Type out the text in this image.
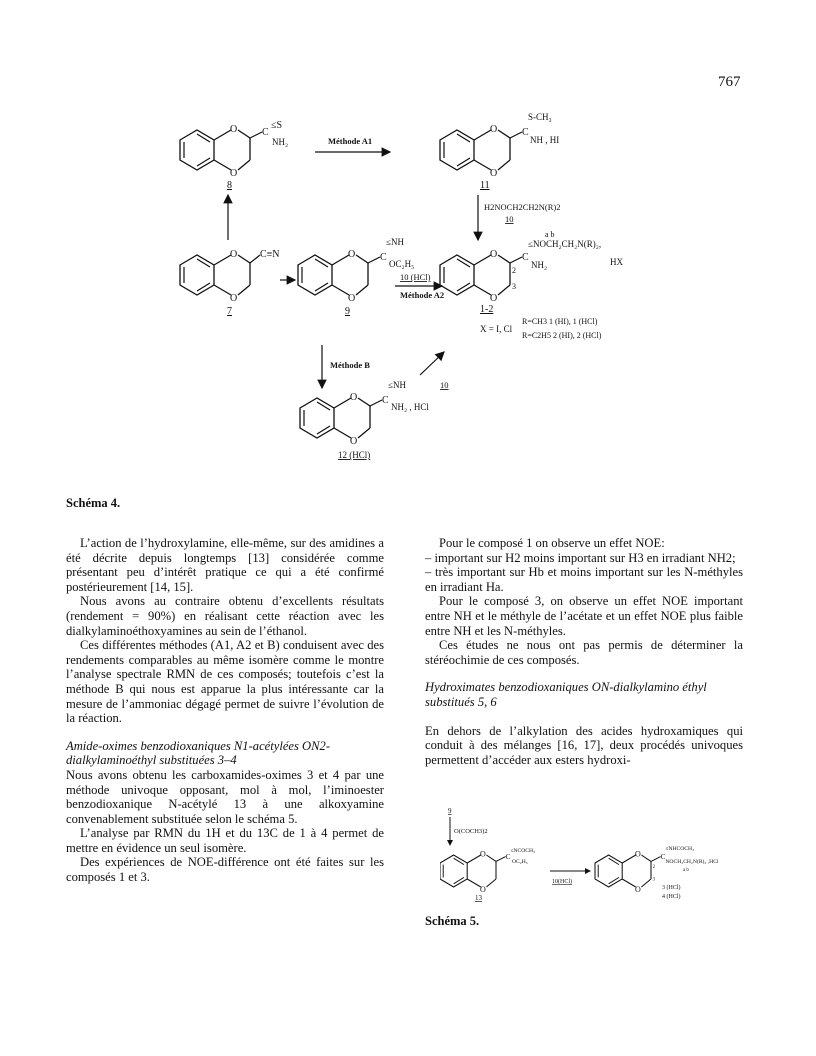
767
O
O
C
≤S
NH₂
8
Méthode A1
C
S-CH₃
NH , HI
11
H2NOCH2CH2N(R)2
10
C≡N
7
C
≤NH
OC₂H₅
9
10 (HCl)
Méthode A2
C
a b
≤NOCH₂CH₂N(R)₂,
NH₂	HX
2
3
1-2
X = I, Cl
R=CH3 1 (HI), 1 (HCl)
R=C2H5 2 (HI), 2 (HCl)
Méthode B
10
C
≤NH
NH₂ , HCl
12 (HCl)
Schéma 4.

L’action de l’hydroxylamine, elle-même, sur des amidines a été décrite depuis longtemps [13] considérée comme présentant peu d’intérêt pratique ce qui a été confirmé postérieurement [14, 15].

Nous avons au contraire obtenu d’excellents résultats (rendement = 90%) en réalisant cette réaction avec les dialkylaminoéthoxyamines au sein de l’éthanol.

Ces différentes méthodes (A1, A2 et B) conduisent avec des rendements comparables au même isomère comme le montre l’analyse spectrale RMN de ces composés; toutefois c’est la méthode B qui nous est apparue la plus intéressante car la mesure de l’ammoniac dégagé permet de suivre l’évolution de la réaction.

Amide-oximes benzodioxaniques N1-acétylées ON2-dialkylaminoéthyl substituées 3–4

Nous avons obtenu les carboxamides-oximes 3 et 4 par une méthode univoque opposant, mol à mol, l’iminoester benzodioxanique N-acétylé 13 à une alkoxyamine convenablement substituée selon le schéma 5.

L’analyse par RMN du 1H et du 13C de 1 à 4 permet de mettre en évidence un seul isomère.

Des expériences de NOE-différence ont été faites sur les composés 1 et 3.

Pour le composé 1 on observe un effet NOE:

– important sur H2 moins important sur H3 en irradiant NH2;

– très important sur Hb et moins important sur les N-méthyles en irradiant Ha.

Pour le composé 3, on observe un effet NOE important entre NH et le méthyle de l’acétate et un effet NOE plus faible entre NH et les N-méthyles.

Ces études ne nous ont pas permis de déterminer la stéréochimie de ces composés.

Hydroximates benzodioxaniques ON-dialkylamino éthyl substitués 5, 6

En dehors de l’alkylation des acides hydroxamiques qui conduit à des mélanges [16, 17], deux procédés univoques permettent d’accéder aux esters hydroxi-

9
O(COCH3)2
C
≤NCOCH₃
OC₂H₅
13
10(HCl)
C
≤NHCOCH₃
NOCH₂CH₂N(R)₂ ,HCl
a b
2
3
3 (HCl)
4 (HCl)
Schéma 5.
